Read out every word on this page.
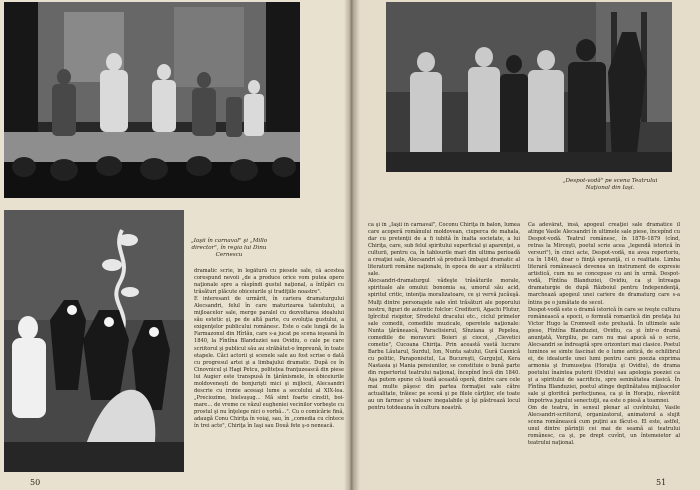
„Iaşii în carnaval" şi „Millo director", în regia lui Dinu Cernescu
dramatic scrie, în legătură cu piesele sale, că acestea corespund nevoii „de a produce orice vom putea opere naţionale spre a răspîndi gustul naţional, a întîpări cu trăsături plăcute obiceiurile şi tradiţiile noastre".
E interesant de urmărit, în cariera dramaturgului Alecsandri, felul în care maturizarea talentului, a mijloacelor sale, merge paralel cu dezvoltarea idealului său estetic şi, pe de altă parte, cu evoluţia gustului, a exigenţelor publicului românesc. Este o cale lungă de la Farmazonul din Hîrlău, care s-a jucat pe scena ieşeană în 1840, la Fîntîna Blanduziei sau Ovidiu, o cale pe care scriitorul şi publicul său au străbătut-o împreună, în toate etapele. Căci actorii şi scenele sale au fost scrise o dată cu progresul artei şi a limbajului dramatic. După ce în Cinovnicul şi Hagi Petcu, politețea franţuzească din piese lui Augier este transpusă în ţărănismele, în obiceiurile moldoveneşti de bonjurişti mici şi mijlocii, Alecsandri descrie cu ironie aceeaşi lume a secolului al XIX-lea. „Preciozime, bielsuşug… Mă simt foarte cinstit, boi-mare… de vreme ce văzul eugheniei vecinilor vorbeşte cu prostul şi nu înţelege nici o vorbă…". Cu o comicărie fină, adaugă Conu Chiriţa în voiaj, sau, în „comedia cu cîntece în trei acte", Chiriţa în Iaşi sau Două fete ş-o neneacă.
50
„Despot-vodă" pe scena Teatrului Naţional din Iaşi.
ca şi în „Iaşii în carnaval", Coconu Chiriţa în balon, lumea care acoperă românului moldovean, ciuperca de mahala, dar cu pretenţii de a fi iubită în înalta societate, a lui Chiriţa, care, sub felul spiritului superficial şi aparenţei, a culturii, pentru ca, în tablourile mari din ultima perioadă a creaţiei sale, Alecsandri să producă limbajul dramatic al literaturii române naţionale, în epoca de aur a strălucirii sale.
Alecsandri-dramaturgul vădeşte trăsăturile morale, spirituale ale omului: bonomia sa, umorul său acid, spiritul critic, intenţia moralizatoare, ce şi vervă jucăuşă. Mulţi dintre personajele sale sînt trăsături ale poporului nostru, figuri de autentic folclor: Creditorii, Agachi Flutur, Igîrcitul risipitor, Sfredelul dracului etc., ciclul primelor sale comedii, comediile muzicale, operetele naţionale: Nunta ţărănească, Paraclisierul, Sînziana şi Pepelea, comediile de moravuri: Boieri şi ciocoi, „Clevetici cometie", Cucoana Chiriţa. Prin această vastă lucrare Barbu Lăutarul, Surdul, Ion, Nunta satului, Gură Casnică cu politic, Paraponisitul, La Bucureşti, Gurguţul, Kera Nastasia şi Mania pensiunilor, se constituie o bună parte din repertoriul teatrului naţional, începînd încă din 1840. Aşa putem spune că toată această operă, dintre care cele mai multe păşesc din partea formaţiei sale către actualitate, trăiesc pe scenă şi pe filele cărţilor, ele toate au un farmec şi valoare inegalabile şi îşi păstrează locul pentru totdeauna în cultura noastră.
Ca adevărat, însă, apogeul creaţiei sale dramatice îl atinge Vasile Alecsandri în ultimele sale piese, începînd cu Despot-vodă. Teatrul românesc, în 1878–1879 (cînd, retras la Mirceşti, poetul scrie acea „legendă istorică în versuri"), în cinci acte, Despot-vodă, nu avea repertoriu, ca în 1840, doar o fiinţă speranţă, ci o realitate. Limba literară românească devenea un instrument de expresie artistică, cum nu se concepuse cu ani în urmă. Despot-vodă, Fîntîna Blanduziei, Ovidiu, ca şi întreaga dramaturgie de după Războiul pentru Independenţă, marchează apogeul unei cariere de dramaturg care s-a întins pe o jumătate de secol.
Despot-vodă este o dramă istorică în care se iveşte cultura românească a epocii, o formulă romantică din prefaţa lui Victor Hugo la Cromwell este preluată. În ultimele sale piese, Fîntîna Blanduziei, Ovidiu, ca şi într-o dramă anunţată, Vergiliu, pe care nu mai apucă să o scrie, Alecsandri se îndreaptă spre orizonturi mai clasice. Poetul luminos se simte fascinat de o lume antică, de echilibrul ei, de idealurile unei lumi pentru care poezia exprima armonia şi frumuseţea (Horaţiu şi Ovidiu), de drama poetului înaintea puterii (Ovidiu) sau apologia poeziei ca şi a spiritului de sacrificiu, spre seninătatea clasică. În Fîntîna Blanduziei, poetul atinge deplinătatea mijloacelor sale şi glorifică perfecţiunea, ca şi în Horaţiu, răsvrătit împotriva jugului senectuţii, ea este o piesă a toamnei.
Om de teatru, în sensul plenar al cuvîntului, Vasile Alecsandri-scriitorul, organizatorul, animatorul a slujit scena românească cum puţini au făcut-o. El este, astfel, unul dintre părinţii cei mai de seamă ai teatrului românesc, ca şi, pe drept cuvînt, un întemeietor al teatrului naţional.
51
